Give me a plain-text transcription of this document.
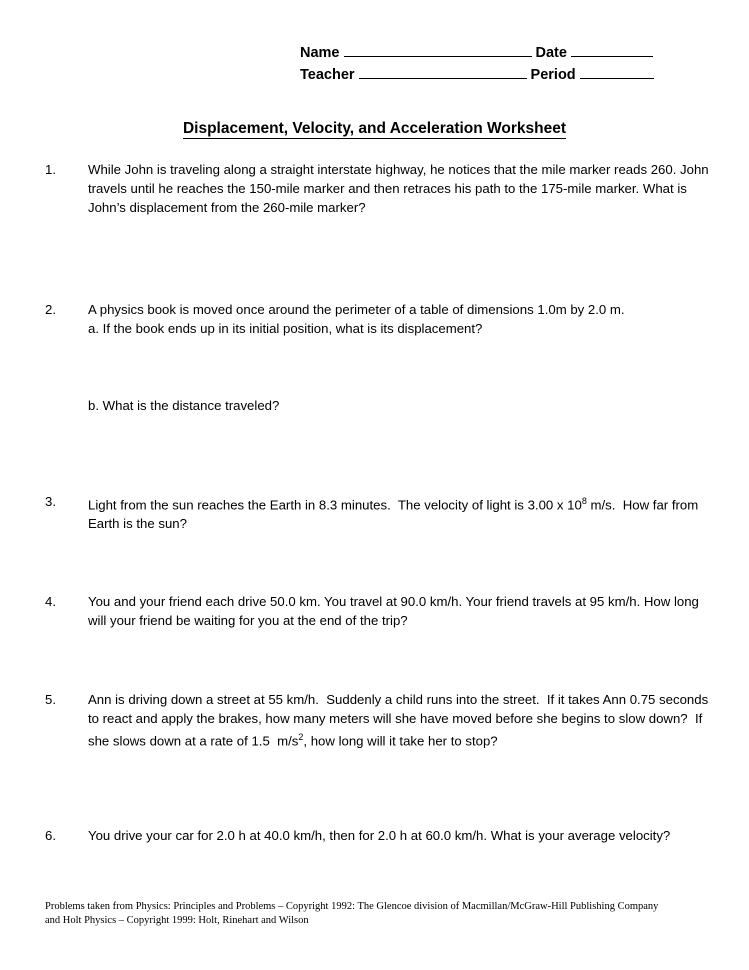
Name	Date
Teacher	Period
Displacement, Velocity, and Acceleration Worksheet
1. While John is traveling along a straight interstate highway, he notices that the mile marker reads 260. John travels until he reaches the 150-mile marker and then retraces his path to the 175-mile marker. What is John’s displacement from the 260-mile marker?

2. A physics book is moved once around the perimeter of a table of dimensions 1.0m by 2.0 m.

a. If the book ends up in its initial position, what is its displacement?

b. What is the distance traveled?

3. Light from the sun reaches the Earth in 8.3 minutes.  The velocity of light is 3.00 x $10^8$ m/s.  How far from Earth is the sun?

4. You and your friend each drive 50.0 km. You travel at 90.0 km/h. Your friend travels at 95 km/h. How long will your friend be waiting for you at the end of the trip?

5. Ann is driving down a street at 55 km/h.  Suddenly a child runs into the street.  If it takes Ann 0.75 seconds to react and apply the brakes, how many meters will she have moved before she begins to slow down?  If she slows down at a rate of 1.5  $m/s^2$, how long will it take her to stop?

6. You drive your car for 2.0 h at 40.0 km/h, then for 2.0 h at 60.0 km/h. What is your average velocity?

Problems taken from Physics: Principles and Problems – Copyright 1992: The Glencoe division of Macmillan/McGraw-Hill Publishing Company
and Holt Physics – Copyright 1999: Holt, Rinehart and Wilson
